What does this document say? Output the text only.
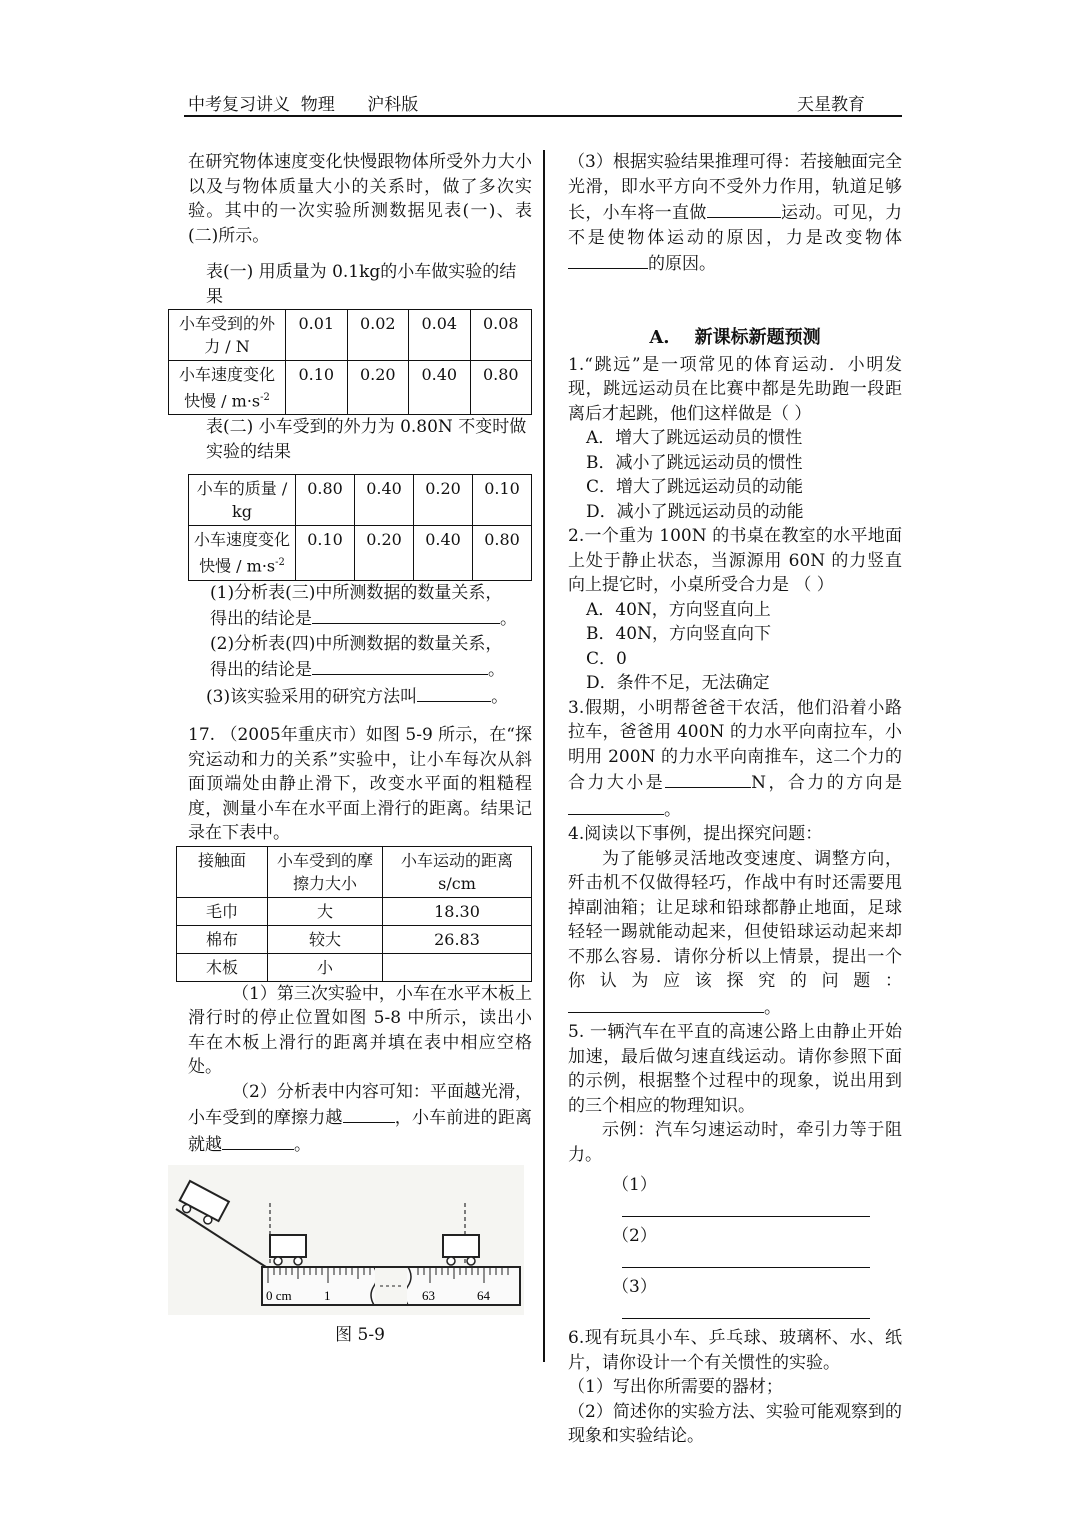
中考复习讲义  物理      沪科版	天星教育

在研究物体速度变化快慢跟物体所受外力大小以及与物体质量大小的关系时，做了多次实验。其中的一次实验所测数据见表(一)、表(二)所示。

表(一) 用质量为 0.1kg的小车做实验的结果

小车受到的外力 / N	0.01	0.02	0.04	0.08
小车速度变化快慢 / $m\cdot s^{-2}$	0.10	0.20	0.40	0.80

表(二) 小车受到的外力为 0.80N 不变时做实验的结果

小车的质量 / kg	0.80	0.40	0.20	0.10
小车速度变化快慢 / $m\cdot s^{-2}$	0.10	0.20	0.40	0.80

(1)分析表(三)中所测数据的数量关系，

得出的结论是	。

(2)分析表(四)中所测数据的数量关系，

得出的结论是	。

(3)该实验采用的研究方法叫	。

17. （2005年重庆市）如图 5-9 所示，在“探究运动和力的关系”实验中，让小车每次从斜面顶端处由静止滑下，改变水平面的粗糙程度，测量小车在水平面上滑行的距离。结果记录在下表中。

接触面	小车受到的摩擦力大小	小车运动的距离 s/cm
毛巾	大	18.30
棉布	较大	26.83
木板	小	

（1）第三次实验中，小车在水平木板上滑行时的停止位置如图 5-8 中所示，读出小车在木板上滑行的距离并填在表中相应空格处。

（2）分析表中内容可知：平面越光滑，小车受到的摩擦力越	，小车前进的距离就越	。

0 cm 1	63	64

图 5-9

（3）根据实验结果推理可得：若接触面完全光滑，即水平方向不受外力作用，轨道足够长，小车将一直做	运动。可见，力不是使物体运动的原因，力是改变物体的原因。

A.    新课标新题预测

1.“跳远”是一项常见的体育运动．小明发现，跳远运动员在比赛中都是先助跑一段距离后才起跳，他们这样做是（ ）

A．增大了跳远运动员的惯性

B．减小了跳远运动员的惯性

C．增大了跳远运动员的动能

D．减小了跳远运动员的动能

2.一个重为 100N 的书桌在教室的水平地面上处于静止状态，当源源用 60N 的力竖直向上提它时，小桌所受合力是 （ ）

A．40N，方向竖直向上

B．40N，方向竖直向下

C．0

D．条件不足，无法确定

3.假期，小明帮爸爸干农活，他们沿着小路拉车，爸爸用 400N 的力水平向南拉车，小明用 200N 的力水平向南推车，这二个力的合力大小是	N，合力的方向是。

4.阅读以下事例，提出探究问题：

为了能够灵活地改变速度、调整方向，歼击机不仅做得轻巧，作战中有时还需要甩掉副油箱；让足球和铅球都静止地面，足球轻轻一踢就能动起来，但使铅球运动起来却不那么容易．请你分析以上情景，提出一个你认为应该探究的问题：。

5. 一辆汽车在平直的高速公路上由静止开始加速，最后做匀速直线运动。请你参照下面的示例，根据整个过程中的现象，说出用到的三个相应的物理知识。

示例：汽车匀速运动时，牵引力等于阻力。

（1）

（2）

（3）

6.现有玩具小车、乒乓球、玻璃杯、水、纸片，请你设计一个有关惯性的实验。

（1）写出你所需要的器材；

（2）简述你的实验方法、实验可能观察到的现象和实验结论。
